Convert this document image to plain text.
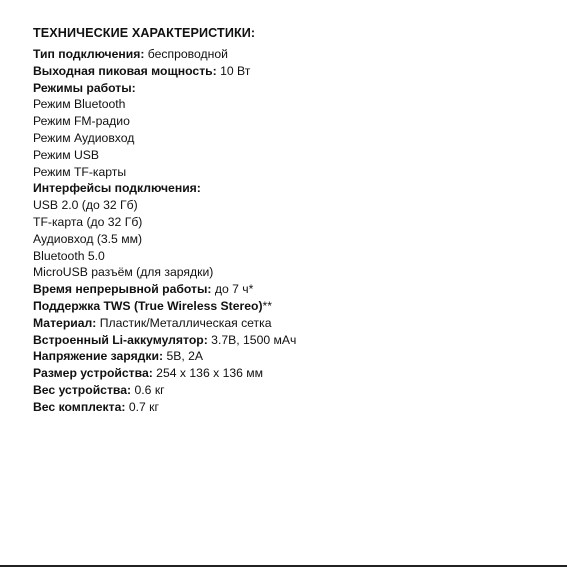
ТЕХНИЧЕСКИЕ ХАРАКТЕРИСТИКИ:
Тип подключения: беспроводной
Выходная пиковая мощность: 10 Вт
Режимы работы:
Режим Bluetooth
Режим FM-радио
Режим Аудиовход
Режим USB
Режим TF-карты
Интерфейсы подключения:
USB 2.0 (до 32 Гб)
TF-карта (до 32 Гб)
Аудиовход (3.5 мм)
Bluetooth 5.0
MicroUSB разъём (для зарядки)
Время непрерывной работы: до 7 ч*
Поддержка TWS (True Wireless Stereo)**
Материал: Пластик/Металлическая сетка
Встроенный Li-аккумулятор: 3.7В, 1500 мАч
Напряжение зарядки: 5В, 2А
Размер устройства: 254 х 136 х 136 мм
Вес устройства: 0.6 кг
Вес комплекта: 0.7 кг
